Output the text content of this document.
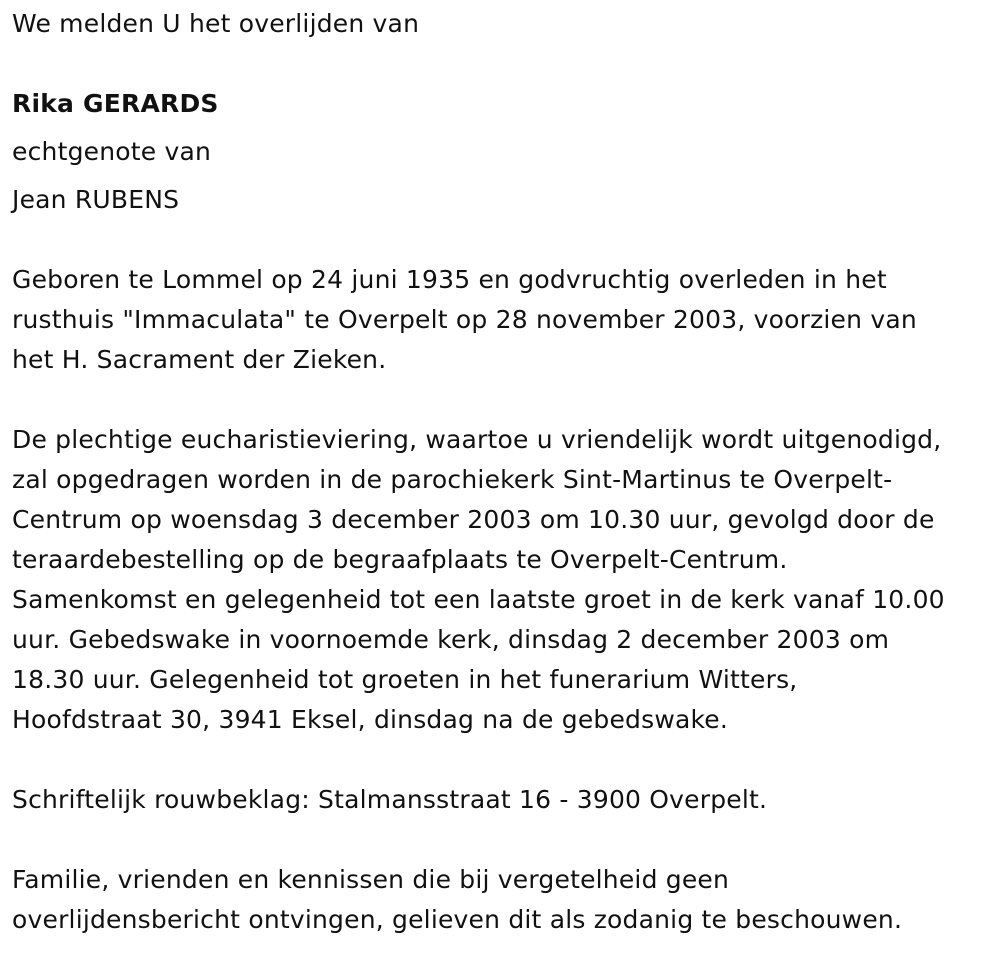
We melden U het overlijden van
Rika GERARDS
echtgenote van
Jean RUBENS
Geboren te Lommel op 24 juni 1935 en godvruchtig overleden in het
rusthuis "Immaculata" te Overpelt op 28 november 2003, voorzien van
het H. Sacrament der Zieken.
De plechtige eucharistieviering, waartoe u vriendelijk wordt uitgenodigd,
zal opgedragen worden in de parochiekerk Sint-Martinus te Overpelt-
Centrum op woensdag 3 december 2003 om 10.30 uur, gevolgd door de
teraardebestelling op de begraafplaats te Overpelt-Centrum.
Samenkomst en gelegenheid tot een laatste groet in de kerk vanaf 10.00
uur. Gebedswake in voornoemde kerk, dinsdag 2 december 2003 om
18.30 uur. Gelegenheid tot groeten in het funerarium Witters,
Hoofdstraat 30, 3941 Eksel, dinsdag na de gebedswake.
Schriftelijk rouwbeklag: Stalmansstraat 16 - 3900 Overpelt.
Familie, vrienden en kennissen die bij vergetelheid geen
overlijdensbericht ontvingen, gelieven dit als zodanig te beschouwen.
